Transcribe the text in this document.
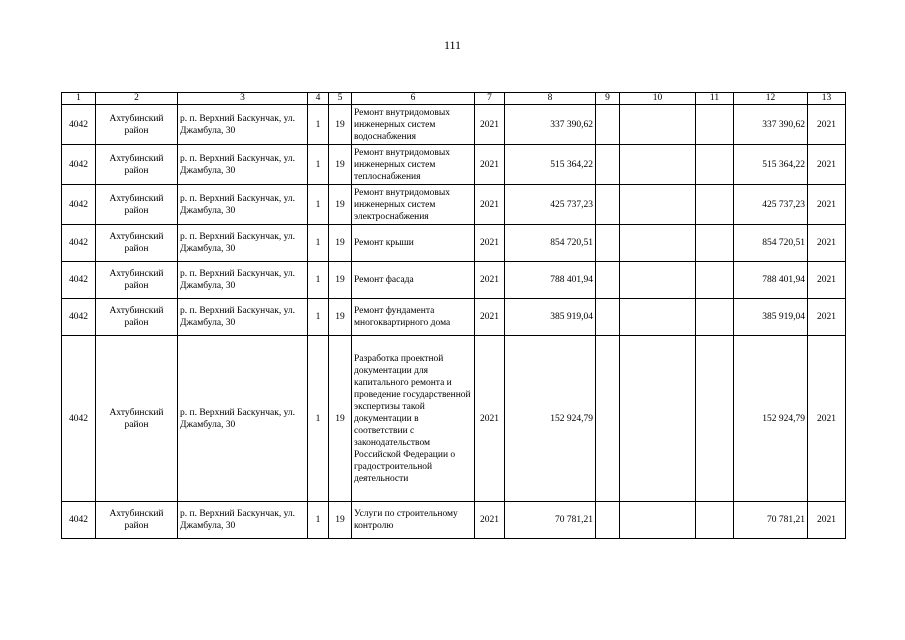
111
1	2	3	4	5	6	7	8	9	10	11	12	13
4042	Ахтубинский район	р. п. Верхний Баскунчак, ул. Джамбула, 30	1	19	Ремонт внутридомовых инженерных систем водоснабжения	2021	337 390,62				337 390,62	2021
4042	Ахтубинский район	р. п. Верхний Баскунчак, ул. Джамбула, 30	1	19	Ремонт внутридомовых инженерных систем теплоснабжения	2021	515 364,22				515 364,22	2021
4042	Ахтубинский район	р. п. Верхний Баскунчак, ул. Джамбула, 30	1	19	Ремонт внутридомовых инженерных систем электроснабжения	2021	425 737,23				425 737,23	2021
4042	Ахтубинский район	р. п. Верхний Баскунчак, ул. Джамбула, 30	1	19	Ремонт крыши	2021	854 720,51				854 720,51	2021
4042	Ахтубинский район	р. п. Верхний Баскунчак, ул. Джамбула, 30	1	19	Ремонт фасада	2021	788 401,94				788 401,94	2021
4042	Ахтубинский район	р. п. Верхний Баскунчак, ул. Джамбула, 30	1	19	Ремонт фундамента многоквартирного дома	2021	385 919,04				385 919,04	2021
4042	Ахтубинский район	р. п. Верхний Баскунчак, ул. Джамбула, 30	1	19	Разработка проектной документации для капитального ремонта и проведение государственной экспертизы такой документации в соответствии с законодательством Российской Федерации о градостроительной деятельности	2021	152 924,79				152 924,79	2021
4042	Ахтубинский район	р. п. Верхний Баскунчак, ул. Джамбула, 30	1	19	Услуги по строительному контролю	2021	70 781,21				70 781,21	2021
